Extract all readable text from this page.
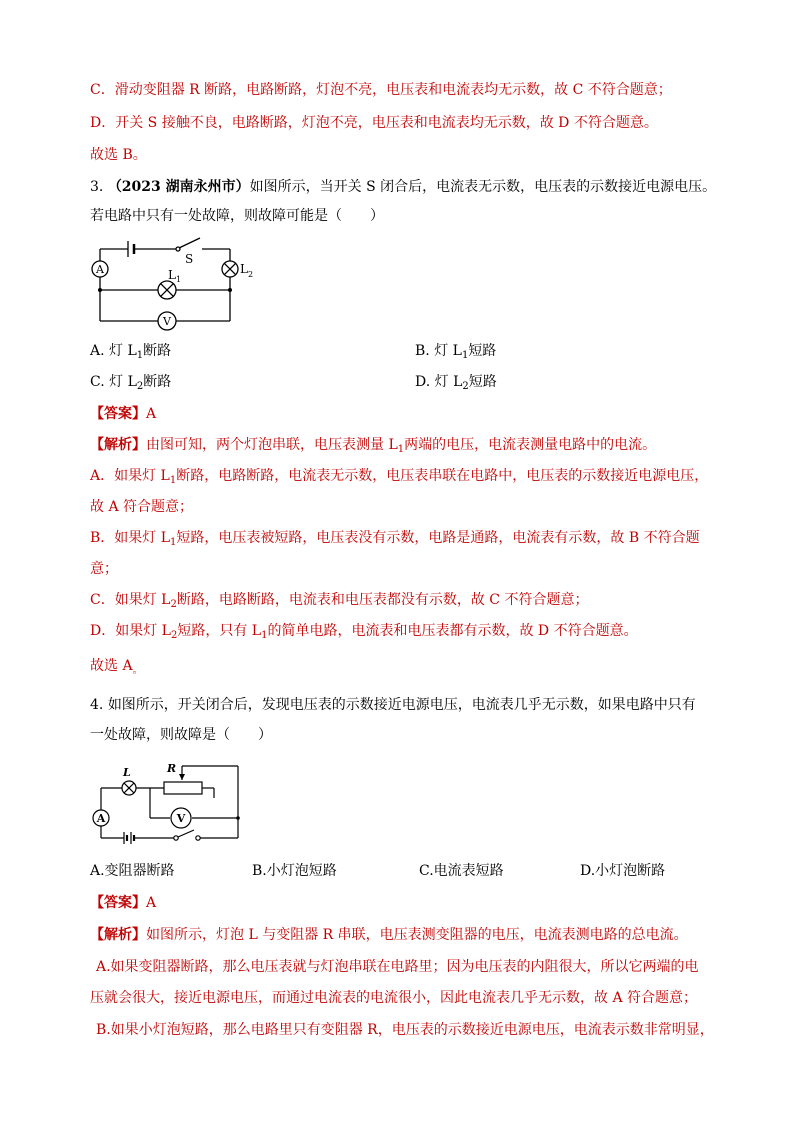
C．滑动变阻器 R 断路，电路断路，灯泡不亮，电压表和电流表均无示数，故 C 不符合题意；
D．开关 S 接触不良，电路断路，灯泡不亮，电压表和电流表均无示数，故 D 不符合题意。
故选 B。
3. （2023 湖南永州市）如图所示，当开关 S 闭合后，电流表无示数，电压表的示数接近电源电压。
若电路中只有一处故障，则故障可能是（　　）
A
V
S
L 1
L 2
A. 灯 $L_1$断路	B. 灯 $L_1$短路
C. 灯 $L_2$断路	D. 灯 $L_2$短路
【答案】A
【解析】由图可知，两个灯泡串联，电压表测量 $L_1$两端的电压，电流表测量电路中的电流。
A．如果灯 $L_1$断路，电路断路，电流表无示数，电压表串联在电路中，电压表的示数接近电源电压，
故 A 符合题意；
B．如果灯 $L_1$短路，电压表被短路，电压表没有示数，电路是通路，电流表有示数，故 B 不符合题
意；
C．如果灯 $L_2$断路，电路断路，电流表和电压表都没有示数，故 C 不符合题意；
D．如果灯 $L_2$短路，只有 $L_1$的简单电路，电流表和电压表都有示数，故 D 不符合题意。
故选 $A_。$
4. 如图所示，开关闭合后，发现电压表的示数接近电源电压，电流表几乎无示数，如果电路中只有
一处故障，则故障是（　　）
L	R
A	V
A.变阻器断路	B.小灯泡短路	C.电流表短路	D.小灯泡断路
【答案】A
【解析】如图所示，灯泡 L 与变阻器 R 串联，电压表测变阻器的电压，电流表测电路的总电流。
A.如果变阻器断路，那么电压表就与灯泡串联在电路里；因为电压表的内阻很大，所以它两端的电
压就会很大，接近电源电压，而通过电流表的电流很小，因此电流表几乎无示数，故 A 符合题意；
B.如果小灯泡短路，那么电路里只有变阻器 R，电压表的示数接近电源电压，电流表示数非常明显，
